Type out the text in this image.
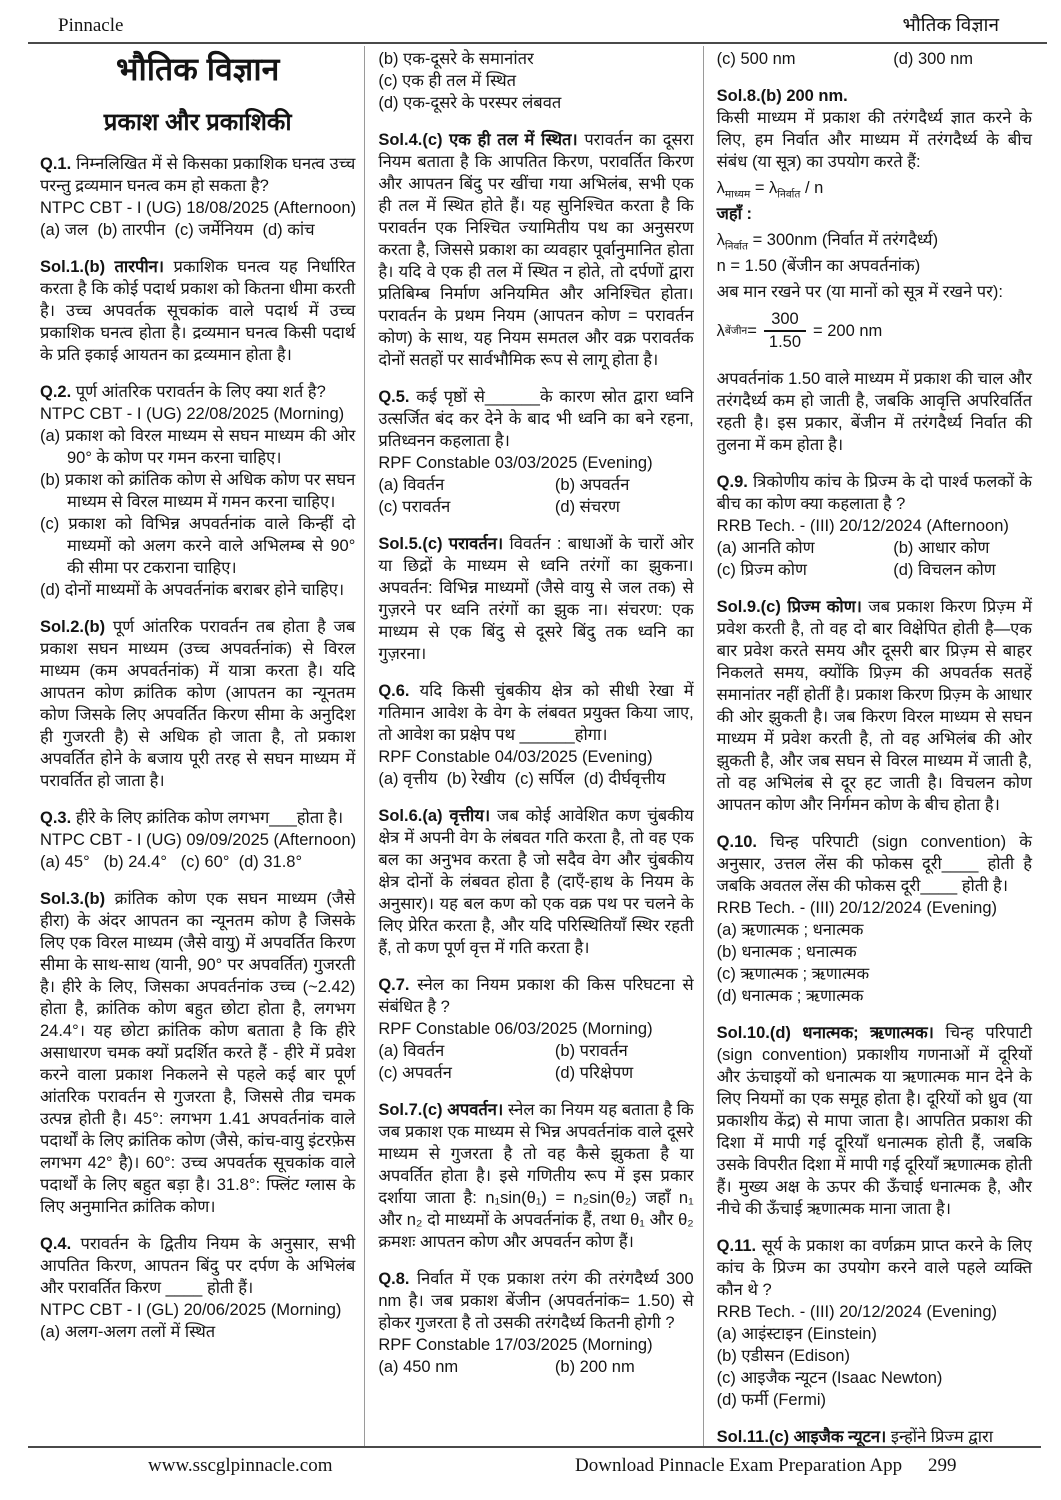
Pinnacle	भौतिक विज्ञान
भौतिक विज्ञान
प्रकाश और प्रकाशिकी
Q.1. निम्नलिखित में से किसका प्रकाशिक घनत्व उच्च परन्तु द्रव्यमान घनत्व कम हो सकता है?
NTPC CBT - I (UG) 18/08/2025 (Afternoon)
(a) जल  (b) तारपीन  (c) जर्मेनियम  (d) कांच
Sol.1.(b) तारपीन। प्रकाशिक घनत्व यह निर्धारित करता है कि कोई पदार्थ प्रकाश को कितना धीमा करती है। उच्च अपवर्तक सूचकांक वाले पदार्थ में उच्च प्रकाशिक घनत्व होता है। द्रव्यमान घनत्व किसी पदार्थ के प्रति इकाई आयतन का द्रव्यमान होता है।
Q.2. पूर्ण आंतरिक परावर्तन के लिए क्या शर्त है?
NTPC CBT - I (UG) 22/08/2025 (Morning)
(a) प्रकाश को विरल माध्यम से सघन माध्यम की ओर 90° के कोण पर गमन करना चाहिए।
(b) प्रकाश को क्रांतिक कोण से अधिक कोण पर सघन माध्यम से विरल माध्यम में गमन करना चाहिए।
(c) प्रकाश को विभिन्न अपवर्तनांक वाले किन्हीं दो माध्यमों को अलग करने वाले अभिलम्ब से 90° की सीमा पर टकराना चाहिए।
(d) दोनों माध्यमों के अपवर्तनांक बराबर होने चाहिए।
Sol.2.(b) पूर्ण आंतरिक परावर्तन तब होता है जब प्रकाश सघन माध्यम (उच्च अपवर्तनांक) से विरल माध्यम (कम अपवर्तनांक) में यात्रा करता है। यदि आपतन कोण क्रांतिक कोण (आपतन का न्यूनतम कोण जिसके लिए अपवर्तित किरण सीमा के अनुदिश ही गुजरती है) से अधिक हो जाता है, तो प्रकाश अपवर्तित होने के बजाय पूरी तरह से सघन माध्यम में परावर्तित हो जाता है।
Q.3. हीरे के लिए क्रांतिक कोण लगभग___होता है।
NTPC CBT - I (UG) 09/09/2025 (Afternoon)
(a) 45°   (b) 24.4°   (c) 60°  (d) 31.8°
Sol.3.(b) क्रांतिक कोण एक सघन माध्यम (जैसे हीरा) के अंदर आपतन का न्यूनतम कोण है जिसके लिए एक विरल माध्यम (जैसे वायु) में अपवर्तित किरण सीमा के साथ-साथ (यानी, 90° पर अपवर्तित) गुजरती है। हीरे के लिए, जिसका अपवर्तनांक उच्च (~2.42) होता है, क्रांतिक कोण बहुत छोटा होता है, लगभग 24.4°। यह छोटा क्रांतिक कोण बताता है कि हीरे असाधारण चमक क्यों प्रदर्शित करते हैं - हीरे में प्रवेश करने वाला प्रकाश निकलने से पहले कई बार पूर्ण आंतरिक परावर्तन से गुजरता है, जिससे तीव्र चमक उत्पन्न होती है। 45°: लगभग 1.41 अपवर्तनांक वाले पदार्थों के लिए क्रांतिक कोण (जैसे, कांच-वायु इंटरफ़ेस लगभग 42° है)। 60°: उच्च अपवर्तक सूचकांक वाले पदार्थों के लिए बहुत बड़ा है। 31.8°: फ्लिंट ग्लास के लिए अनुमानित क्रांतिक कोण।
Q.4. परावर्तन के द्वितीय नियम के अनुसार, सभी आपतित किरण, आपतन बिंदु पर दर्पण के अभिलंब और परावर्तित किरण ____ होती हैं।
NTPC CBT - I (GL) 20/06/2025 (Morning)
(a) अलग-अलग तलों में स्थित
(b) एक-दूसरे के समानांतर
(c) एक ही तल में स्थित
(d) एक-दूसरे के परस्पर लंबवत
Sol.4.(c) एक ही तल में स्थित। परावर्तन का दूसरा नियम बताता है कि आपतित किरण, परावर्तित किरण और आपतन बिंदु पर खींचा गया अभिलंब, सभी एक ही तल में स्थित होते हैं। यह सुनिश्चित करता है कि परावर्तन एक निश्चित ज्यामितीय पथ का अनुसरण करता है, जिससे प्रकाश का व्यवहार पूर्वानुमानित होता है। यदि वे एक ही तल में स्थित न होते, तो दर्पणों द्वारा प्रतिबिम्ब निर्माण अनियमित और अनिश्चित होता। परावर्तन के प्रथम नियम (आपतन कोण = परावर्तन कोण) के साथ, यह नियम समतल और वक्र परावर्तक दोनों सतहों पर सार्वभौमिक रूप से लागू होता है।
Q.5. कई पृष्ठों से______के कारण स्रोत द्वारा ध्वनि उत्सर्जित बंद कर देने के बाद भी ध्वनि का बने रहना, प्रतिध्वनन कहलाता है।
RPF Constable 03/03/2025 (Evening)
(a) विवर्तन	(b) अपवर्तन
(c) परावर्तन	(d) संचरण
Sol.5.(c) परावर्तन। विवर्तन : बाधाओं के चारों ओर या छिद्रों के माध्यम से ध्वनि तरंगों का झुकना। अपवर्तन: विभिन्न माध्यमों (जैसे वायु से जल तक) से गुज़रने पर ध्वनि तरंगों का झुक ना। संचरण: एक माध्यम से एक बिंदु से दूसरे बिंदु तक ध्वनि का गुज़रना।
Q.6. यदि किसी चुंबकीय क्षेत्र को सीधी रेखा में गतिमान आवेश के वेग के लंबवत प्रयुक्त किया जाए, तो आवेश का प्रक्षेप पथ ______होगा।
RPF Constable 04/03/2025 (Evening)
(a) वृत्तीय  (b) रेखीय  (c) सर्पिल  (d) दीर्घवृत्तीय
Sol.6.(a) वृत्तीय। जब कोई आवेशित कण चुंबकीय क्षेत्र में अपनी वेग के लंबवत गति करता है, तो वह एक बल का अनुभव करता है जो सदैव वेग और चुंबकीय क्षेत्र दोनों के लंबवत होता है (दाएँ-हाथ के नियम के अनुसार)। यह बल कण को एक वक्र पथ पर चलने के लिए प्रेरित करता है, और यदि परिस्थितियाँ स्थिर रहती हैं, तो कण पूर्ण वृत्त में गति करता है।
Q.7. स्नेल का नियम प्रकाश की किस परिघटना से संबंधित है ?
RPF Constable 06/03/2025 (Morning)
(a) विवर्तन	(b) परावर्तन
(c) अपवर्तन	(d) परिक्षेपण
Sol.7.(c) अपवर्तन। स्नेल का नियम यह बताता है कि जब प्रकाश एक माध्यम से भिन्न अपवर्तनांक वाले दूसरे माध्यम से गुजरता है तो वह कैसे झुकता है या अपवर्तित होता है। इसे गणितीय रूप में इस प्रकार दर्शाया जाता है: n₁sin(θ₁) = n₂sin(θ₂) जहाँ n₁ और n₂ दो माध्यमों के अपवर्तनांक हैं, तथा θ₁ और θ₂ क्रमशः आपतन कोण और अपवर्तन कोण हैं।
Q.8. निर्वात में एक प्रकाश तरंग की तरंगदैर्ध्य 300 nm है। जब प्रकाश बेंजीन (अपवर्तनांक= 1.50) से होकर गुजरता है तो उसकी तरंगदैर्ध्य कितनी होगी ?
RPF Constable 17/03/2025 (Morning)
(a) 450 nm	(b) 200 nm
(c) 500 nm	(d) 300 nm
Sol.8.(b) 200 nm.
किसी माध्यम में प्रकाश की तरंगदैर्ध्य ज्ञात करने के लिए, हम निर्वात और माध्यम में तरंगदैर्ध्य के बीच संबंध (या सूत्र) का उपयोग करते हैं:
$\lambda_{माध्यम} = \lambda_{निर्वात} / n$
जहाँ :
$\lambda_{निर्वात} = 300nm$ (निर्वात में तरंगदैर्ध्य)
n = 1.50 (बेंजीन का अपवर्तनांक)
अब मान रखने पर (या मानों को सूत्र में रखने पर):
λ बेंजीन = $\frac{300}{1.50} = 200$ nm
अपवर्तनांक 1.50 वाले माध्यम में प्रकाश की चाल और तरंगदैर्ध्य कम हो जाती है, जबकि आवृत्ति अपरिवर्तित रहती है। इस प्रकार, बेंजीन में तरंगदैर्ध्य निर्वात की तुलना में कम होता है।
Q.9. त्रिकोणीय कांच के प्रिज्म के दो पार्श्व फलकों के बीच का कोण क्या कहलाता है ?
RRB Tech. - (III) 20/12/2024 (Afternoon)
(a) आनति कोण	(b) आधार कोण
(c) प्रिज्म कोण	(d) विचलन कोण
Sol.9.(c) प्रिज्म कोण। जब प्रकाश किरण प्रिज़्म में प्रवेश करती है, तो वह दो बार विक्षेपित होती है—एक बार प्रवेश करते समय और दूसरी बार प्रिज़्म से बाहर निकलते समय, क्योंकि प्रिज़्म की अपवर्तक सतहें समानांतर नहीं होतीं है। प्रकाश किरण प्रिज़्म के आधार की ओर झुकती है। जब किरण विरल माध्यम से सघन माध्यम में प्रवेश करती है, तो वह अभिलंब की ओर झुकती है, और जब सघन से विरल माध्यम में जाती है, तो वह अभिलंब से दूर हट जाती है। विचलन कोण आपतन कोण और निर्गमन कोण के बीच होता है।
Q.10. चिन्ह परिपाटी (sign convention) के अनुसार, उत्तल लेंस की फोकस दूरी____ होती है जबकि अवतल लेंस की फोकस दूरी____ होती है।
RRB Tech. - (III) 20/12/2024 (Evening)
(a) ऋणात्मक ; धनात्मक
(b) धनात्मक ; धनात्मक
(c) ऋणात्मक ; ऋणात्मक
(d) धनात्मक ; ऋणात्मक
Sol.10.(d) धनात्मक; ऋणात्मक। चिन्ह परिपाटी (sign convention) प्रकाशीय गणनाओं में दूरियों और ऊंचाइयों को धनात्मक या ऋणात्मक मान देने के लिए नियमों का एक समूह होता है। दूरियों को ध्रुव (या प्रकाशीय केंद्र) से मापा जाता है। आपतित प्रकाश की दिशा में मापी गई दूरियाँ धनात्मक होती हैं, जबकि उसके विपरीत दिशा में मापी गई दूरियाँ ऋणात्मक होती हैं। मुख्य अक्ष के ऊपर की ऊँचाई धनात्मक है, और नीचे की ऊँचाई ऋणात्मक माना जाता है।
Q.11. सूर्य के प्रकाश का वर्णक्रम प्राप्त करने के लिए कांच के प्रिज्म का उपयोग करने वाले पहले व्यक्ति कौन थे ?
RRB Tech. - (III) 20/12/2024 (Evening)
(a) आइंस्टाइन (Einstein)
(b) एडीसन (Edison)
(c) आइजैक न्यूटन (Isaac Newton)
(d) फर्मी (Fermi)
Sol.11.(c) आइजैक न्यूटन। इन्होंने प्रिज्म द्वारा
www.sscglpinnacle.com	Download Pinnacle Exam Preparation App 299
